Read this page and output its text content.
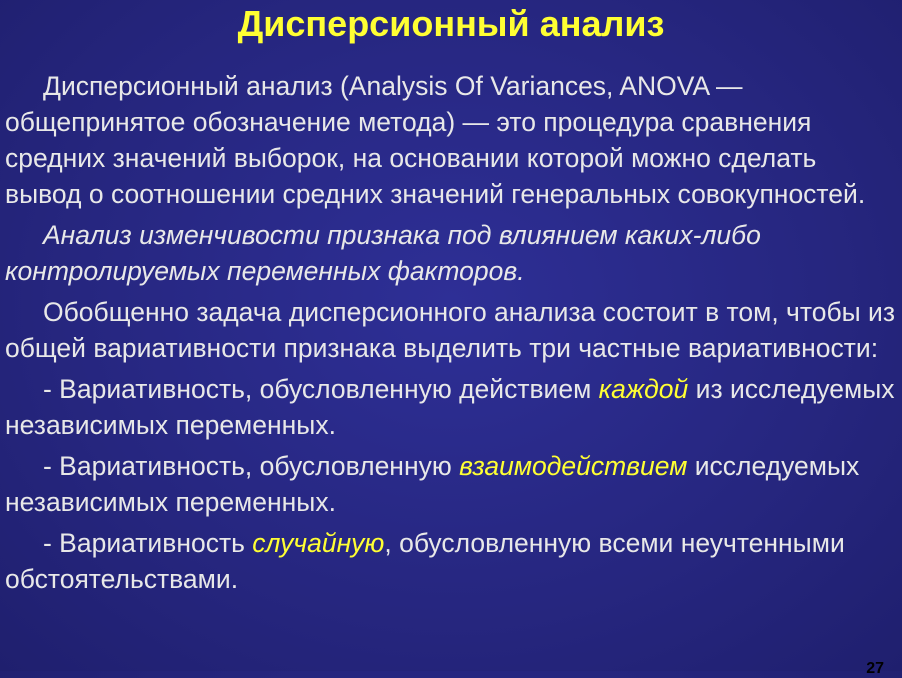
Дисперсионный анализ

Дисперсионный анализ (Analysis Of Variances, ANOVA — общепринятое обозначение метода) — это процедура сравнения средних значений выборок, на основании которой можно сделать вывод о соотношении средних значений генеральных совокупностей.

Анализ изменчивости признака под влиянием каких-либо контролируемых переменных факторов.

Обобщенно задача дисперсионного анализа состоит в том, чтобы из общей вариативности признака выделить три частные вариативности:

- Вариативность, обусловленную действием каждой из исследуемых независимых переменных.

- Вариативность, обусловленную взаимодействием исследуемых независимых переменных.

- Вариативность случайную, обусловленную всеми неучтенными обстоятельствами.

27
